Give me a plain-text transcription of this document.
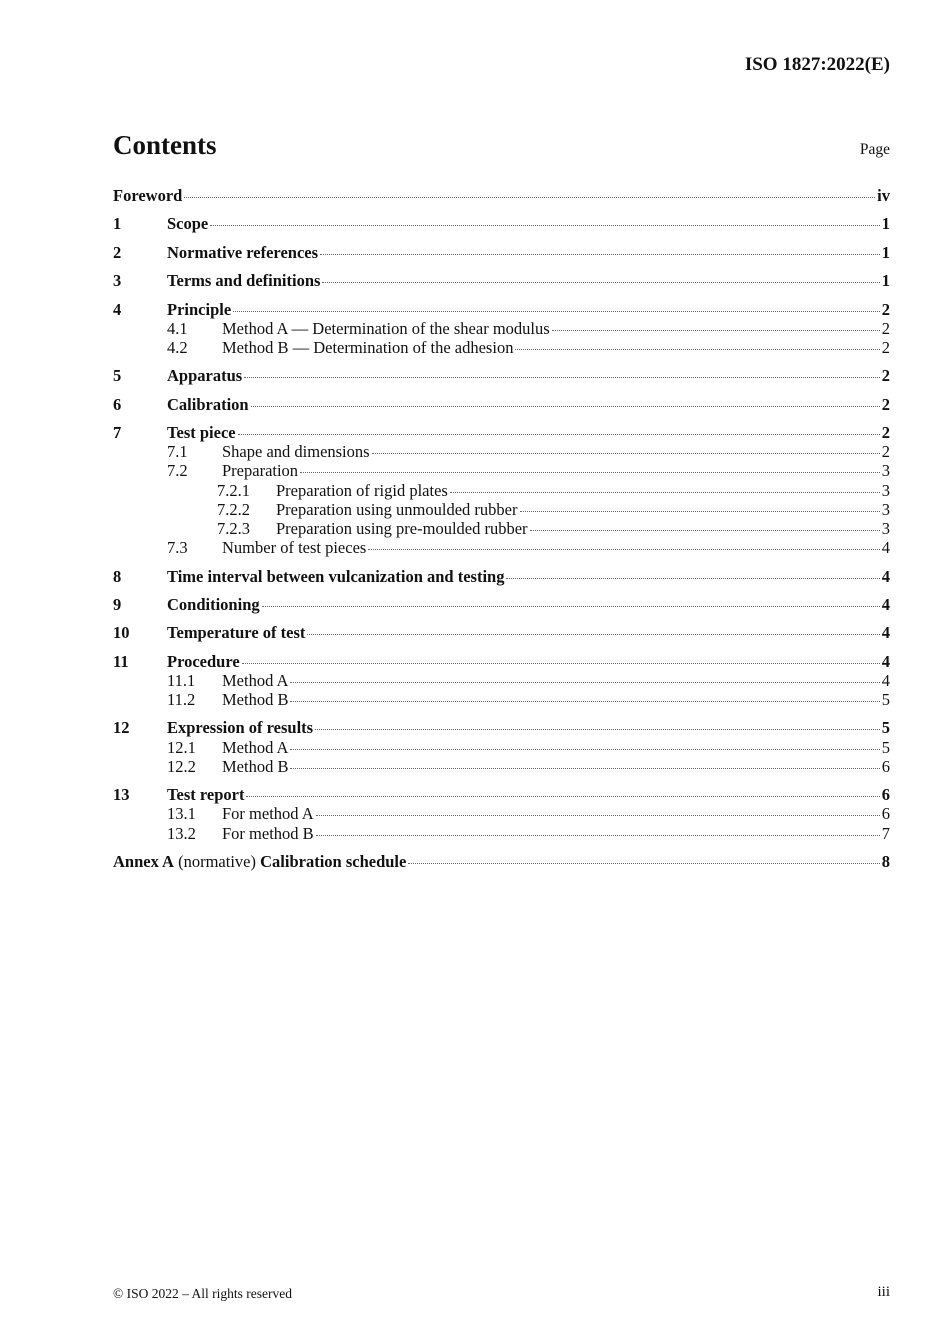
ISO 1827:2022(E)
Contents	Page
Foreword	iv
1	Scope	1
2	Normative references	1
3	Terms and definitions	1
4	Principle	2
4.1	Method A — Determination of the shear modulus	2
4.2	Method B — Determination of the adhesion	2
5	Apparatus	2
6	Calibration	2
7	Test piece	2
7.1	Shape and dimensions	2
7.2	Preparation	3
7.2.1	Preparation of rigid plates	3
7.2.2	Preparation using unmoulded rubber	3
7.2.3	Preparation using pre-moulded rubber	3
7.3	Number of test pieces	4
8	Time interval between vulcanization and testing	4
9	Conditioning	4
10	Temperature of test	4
11	Procedure	4
11.1	Method A	4
11.2	Method B	5
12	Expression of results	5
12.1	Method A	5
12.2	Method B	6
13	Test report	6
13.1	For method A	6
13.2	For method B	7
Annex A (normative) Calibration schedule	8
© ISO 2022 – All rights reserved	iii
